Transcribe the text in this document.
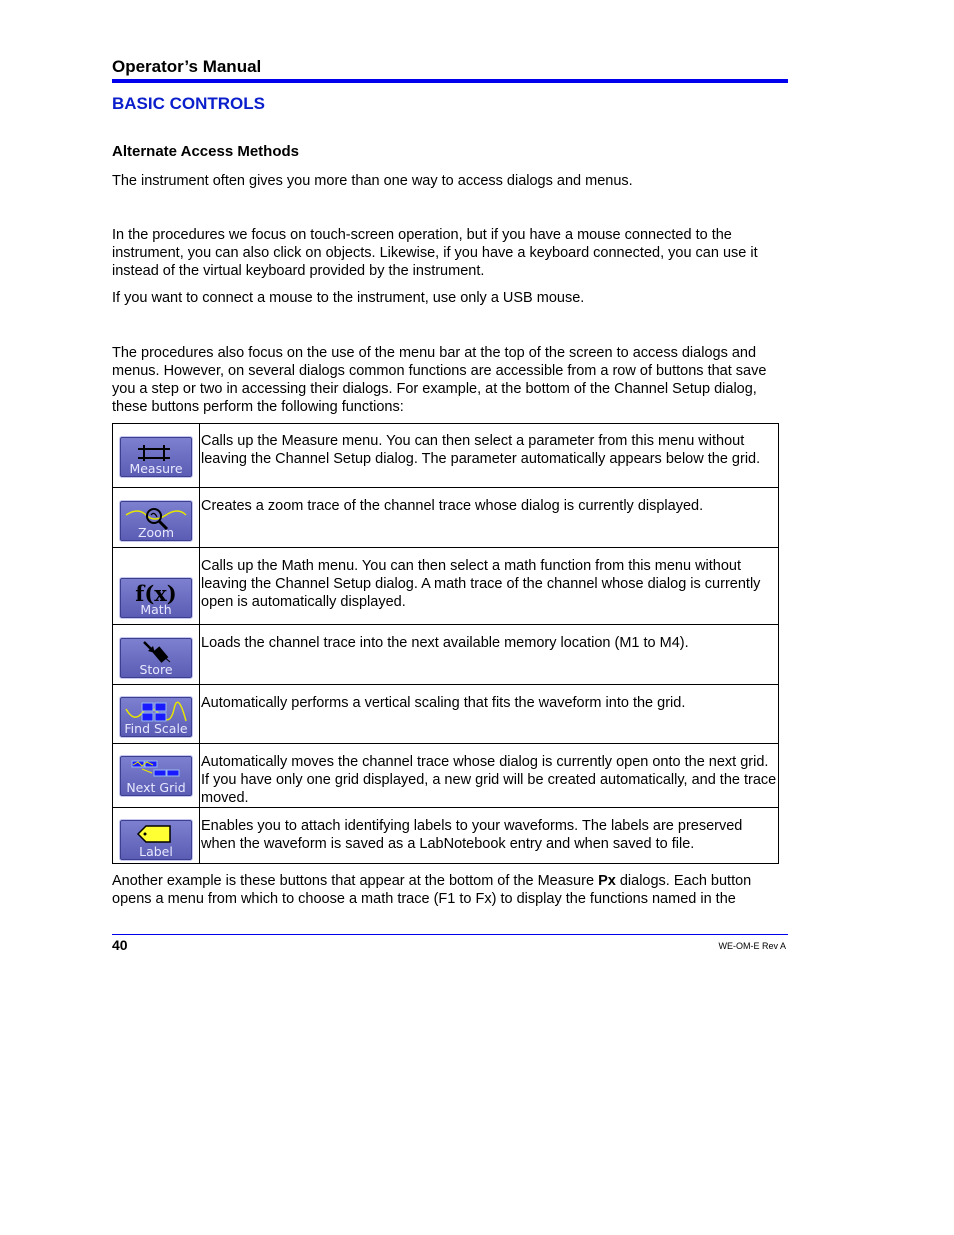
Operator’s Manual
BASIC CONTROLS
Alternate Access Methods
The instrument often gives you more than one way to access dialogs and menus.
In the procedures we focus on touch-screen operation, but if you have a mouse connected to the instrument, you can also click on objects. Likewise, if you have a keyboard connected, you can use it instead of the virtual keyboard provided by the instrument.
If you want to connect a mouse to the instrument, use only a USB mouse.
The procedures also focus on the use of the menu bar at the top of the screen to access dialogs and menus. However, on several dialogs common functions are accessible from a row of buttons that save you a step or two in accessing their dialogs. For example, at the bottom of the Channel Setup dialog, these buttons perform the following functions:
Measure	Calls up the Measure menu. You can then select a parameter from this menu without leaving the Channel Setup dialog. The parameter automatically appears below the grid.

Zoom	Creates a zoom trace of the channel trace whose dialog is currently displayed.

f(x)
Math	Calls up the Math menu. You can then select a math function from this menu without leaving the Channel Setup dialog. A math trace of the channel whose dialog is currently open is automatically displayed.

Store	Loads the channel trace into the next available memory location (M1 to M4).

Find Scale	Automatically performs a vertical scaling that fits the waveform into the grid.

Next Grid	Automatically moves the channel trace whose dialog is currently open onto the next grid. If you have only one grid displayed, a new grid will be created automatically, and the trace moved.

Label	Enables you to attach identifying labels to your waveforms. The labels are preserved when the waveform is saved as a LabNotebook entry and when saved to file.
Another example is these buttons that appear at the bottom of the Measure Px dialogs. Each button opens a menu from which to choose a math trace (F1 to Fx) to display the functions named in the
40	WE-OM-E Rev A
